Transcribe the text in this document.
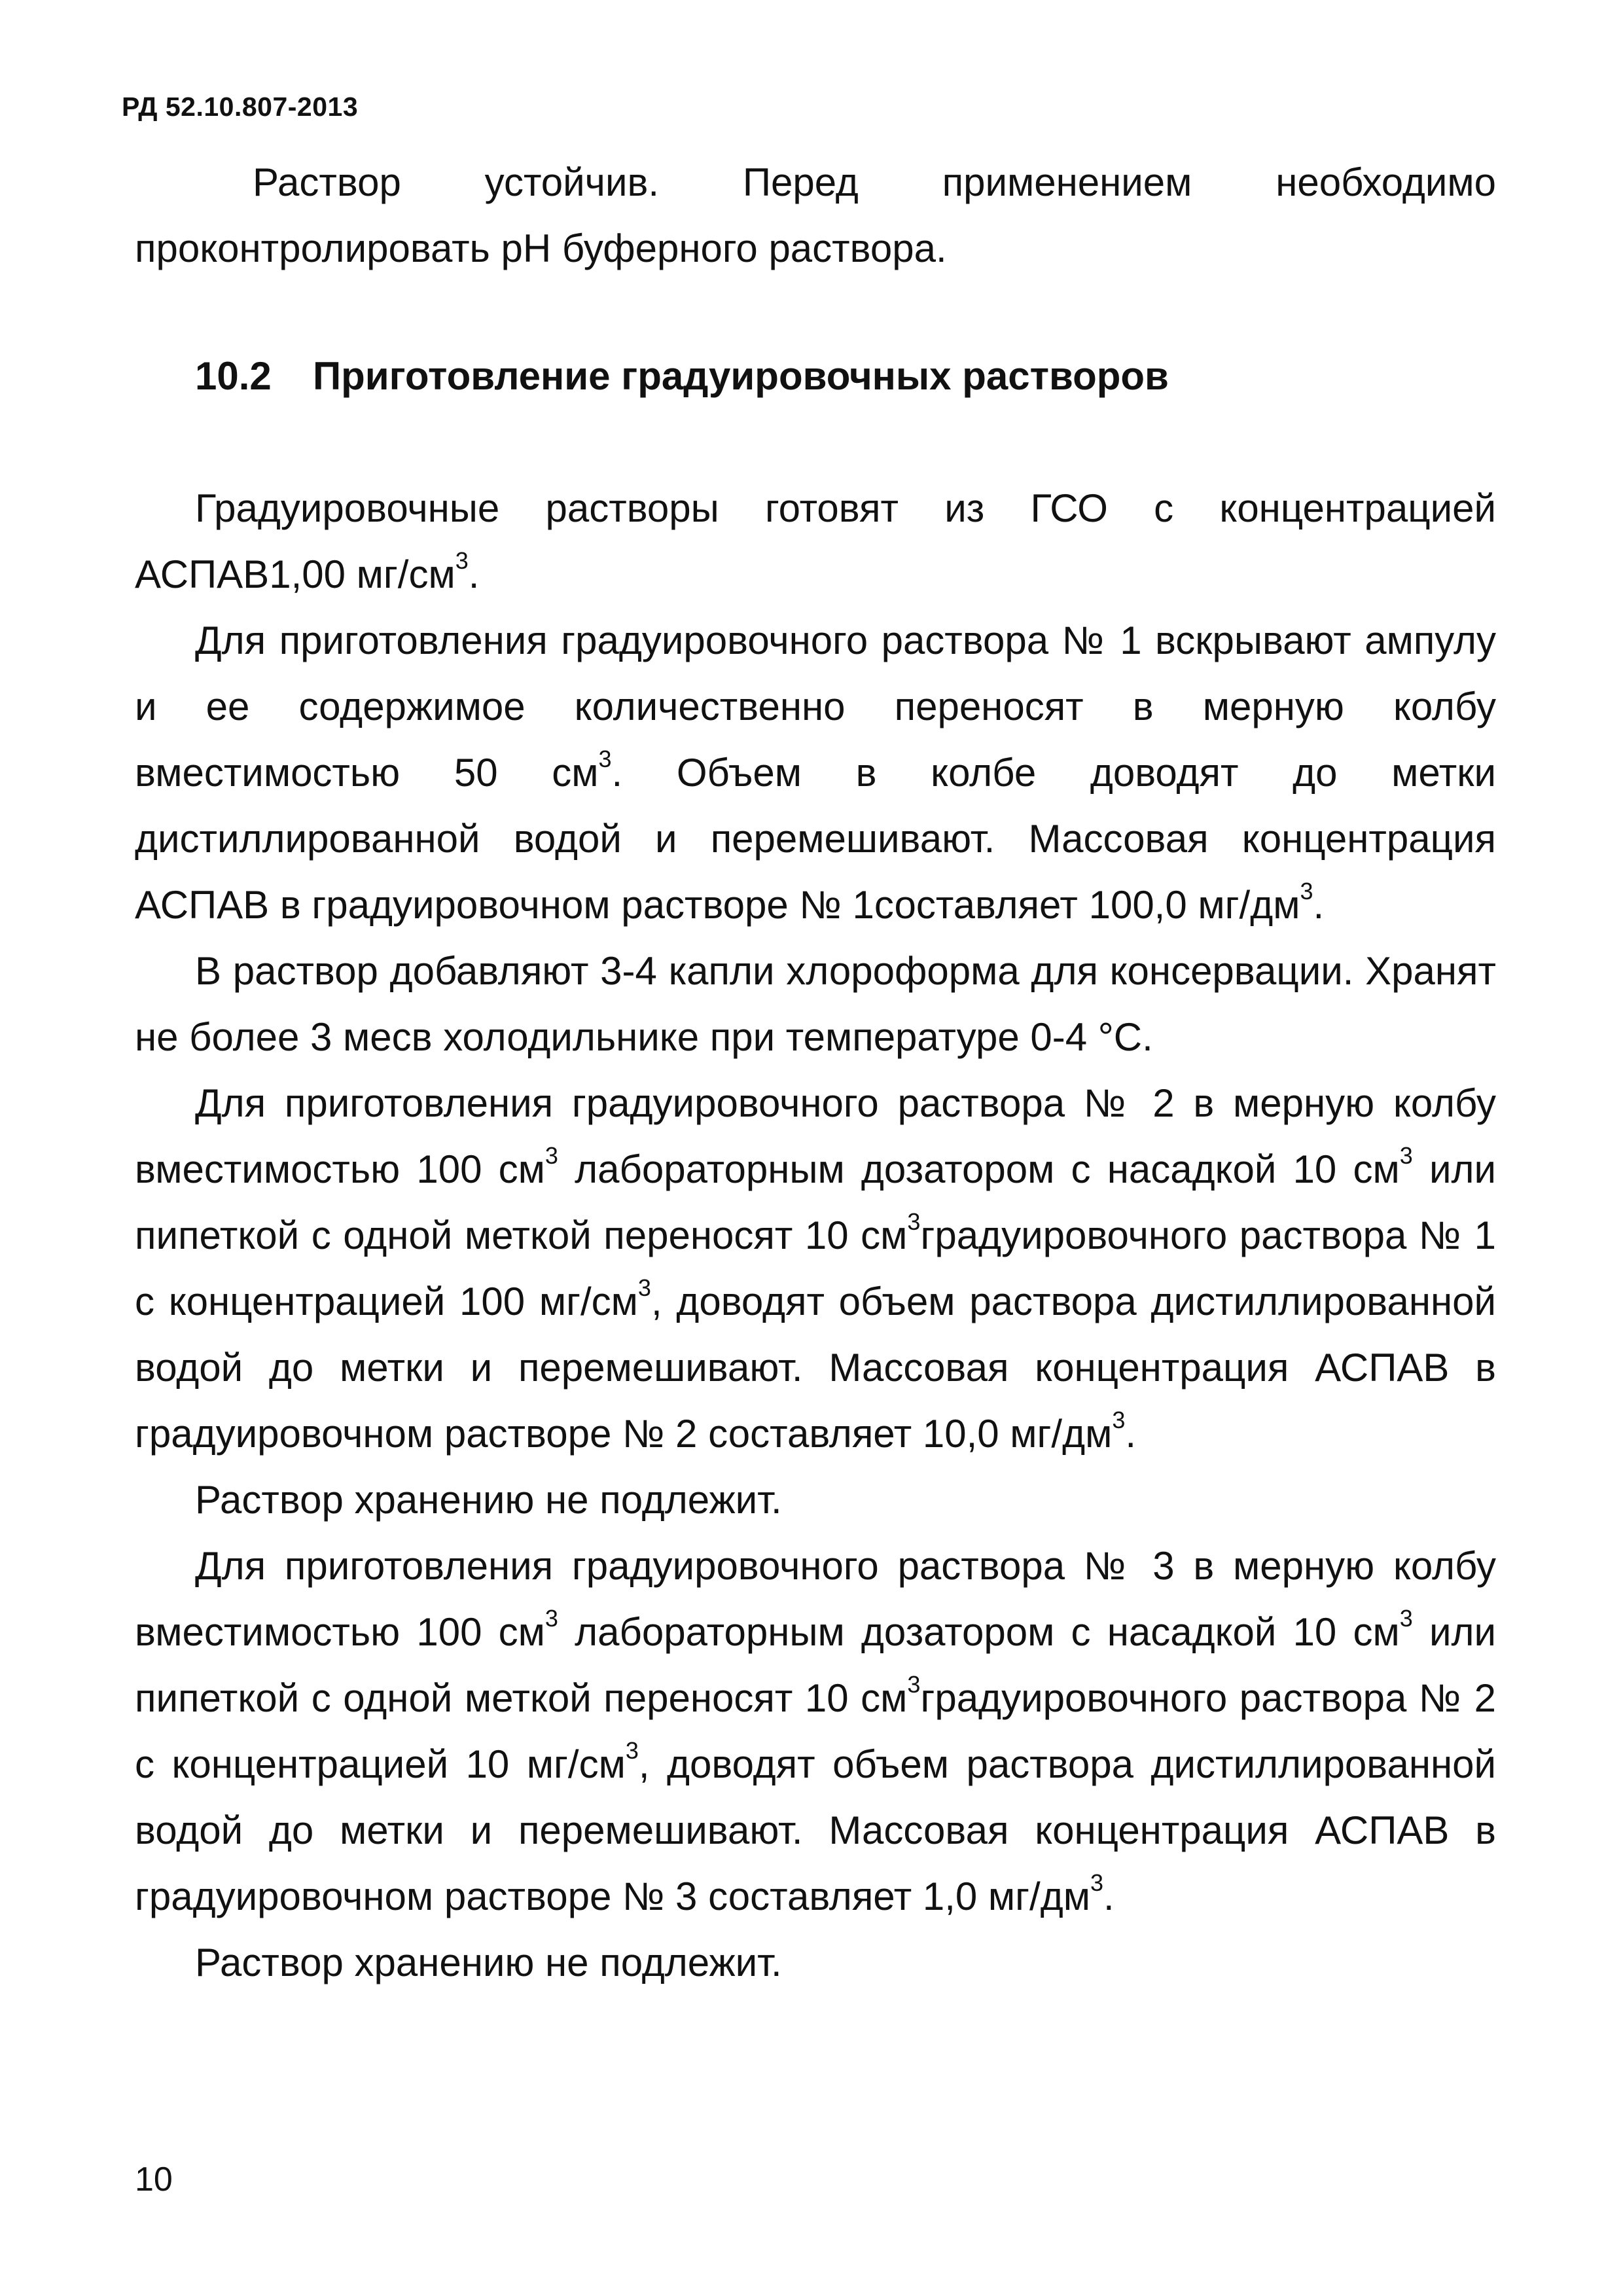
РД 52.10.807-2013

Раствор устойчив. Перед применением необходимо проконтролировать pH буферного раствора.

10.2 Приготовление градуировочных растворов

Градуировочные растворы готовят из ГСО с концентрацией АСПАВ1,00 $мг/см^3$.

Для приготовления градуировочного раствора № 1 вскрывают ампулу и ее содержимое количественно переносят в мерную колбу вместимостью 50 $см^3$. Объем в колбе доводят до метки дистиллированной водой и перемешивают. Массовая концентрация АСПАВ в градуировочном растворе № 1составляет 100,0 $мг/дм^3$.

В раствор добавляют 3-4 капли хлороформа для консервации. Хранят не более 3 месв холодильнике при температуре 0-4 °С.

Для приготовления градуировочного раствора № 2 в мерную колбу вместимостью 100 $см^3$ лабораторным дозатором с насадкой 10 $см^3$ или пипеткой с одной меткой переносят 10 $см^3градуировочного$ раствора № 1 с концентрацией 100 $мг/см^3$, доводят объем раствора дистиллированной водой до метки и перемешивают. Массовая концентрация АСПАВ в градуировочном растворе № 2 составляет 10,0 $мг/дм^3$.

Раствор хранению не подлежит.

Для приготовления градуировочного раствора № 3 в мерную колбу вместимостью 100 $см^3$ лабораторным дозатором с насадкой 10 $см^3$ или пипеткой с одной меткой переносят 10 $см^3градуировочного$ раствора № 2 с концентрацией 10 $мг/см^3$, доводят объем раствора дистиллированной водой до метки и перемешивают. Массовая концентрация АСПАВ в градуировочном растворе № 3 составляет 1,0 $мг/дм^3$.

Раствор хранению не подлежит.

10
